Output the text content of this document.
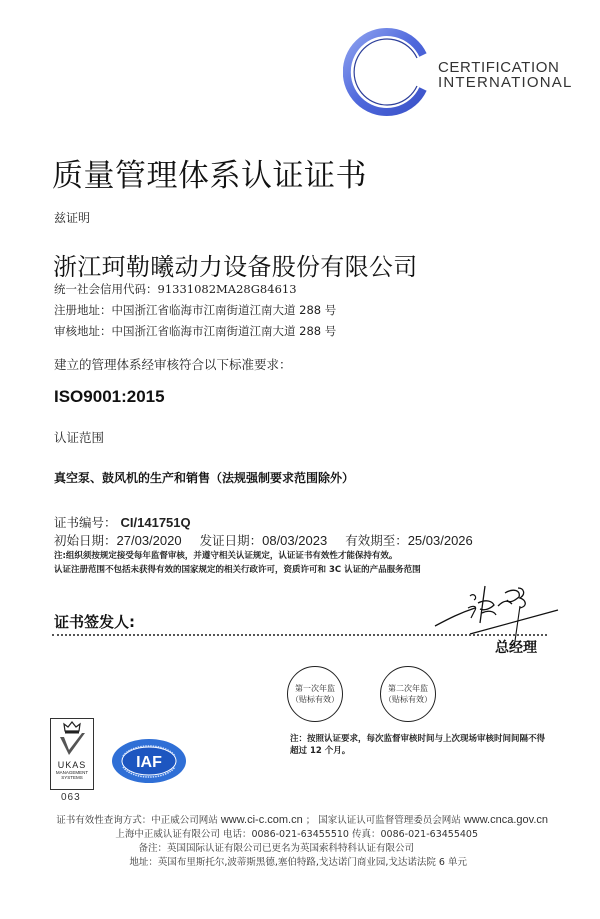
CERTIFICATION
INTERNATIONAL
质量管理体系认证证书
兹证明
浙江珂勒曦动力设备股份有限公司
统一社会信用代码：91331082MA28G84613
注册地址：中国浙江省临海市江南街道江南大道 288 号
审核地址：中国浙江省临海市江南街道江南大道 288 号
建立的管理体系经审核符合以下标准要求：
ISO9001:2015
认证范围
真空泵、鼓风机的生产和销售（法规强制要求范围除外）
证书编号： CI/141751Q
初始日期：27/03/2020 发证日期：08/03/2023 有效期至：25/03/2026
注:组织须按规定接受每年监督审核，并遵守相关认证规定，认证证书有效性才能保持有效。
认证注册范围不包括未获得有效的国家规定的相关行政许可，资质许可和 3C 认证的产品服务范围
证书签发人:
总经理
第一次年监
（贴标有效）
第二次年监
（贴标有效）
注：按照认证要求，每次监督审核时间与上次现场审核时间间隔不得超过 12 个月。
UKAS
MANAGEMENT
SYSTEMS
063
IAF
证书有效性查询方式：中正威公司网站 www.ci-c.com.cn ； 国家认证认可监督管理委员会网站 www.cnca.gov.cn
上海中正威认证有限公司 电话：0086-021-63455510 传真：0086-021-63455405
备注：英国国际认证有限公司已更名为英国索科特科认证有限公司
地址：英国布里斯托尔,波蒂斯黑德,塞伯特路,戈达诺门商业园,戈达诺法院 6 单元
